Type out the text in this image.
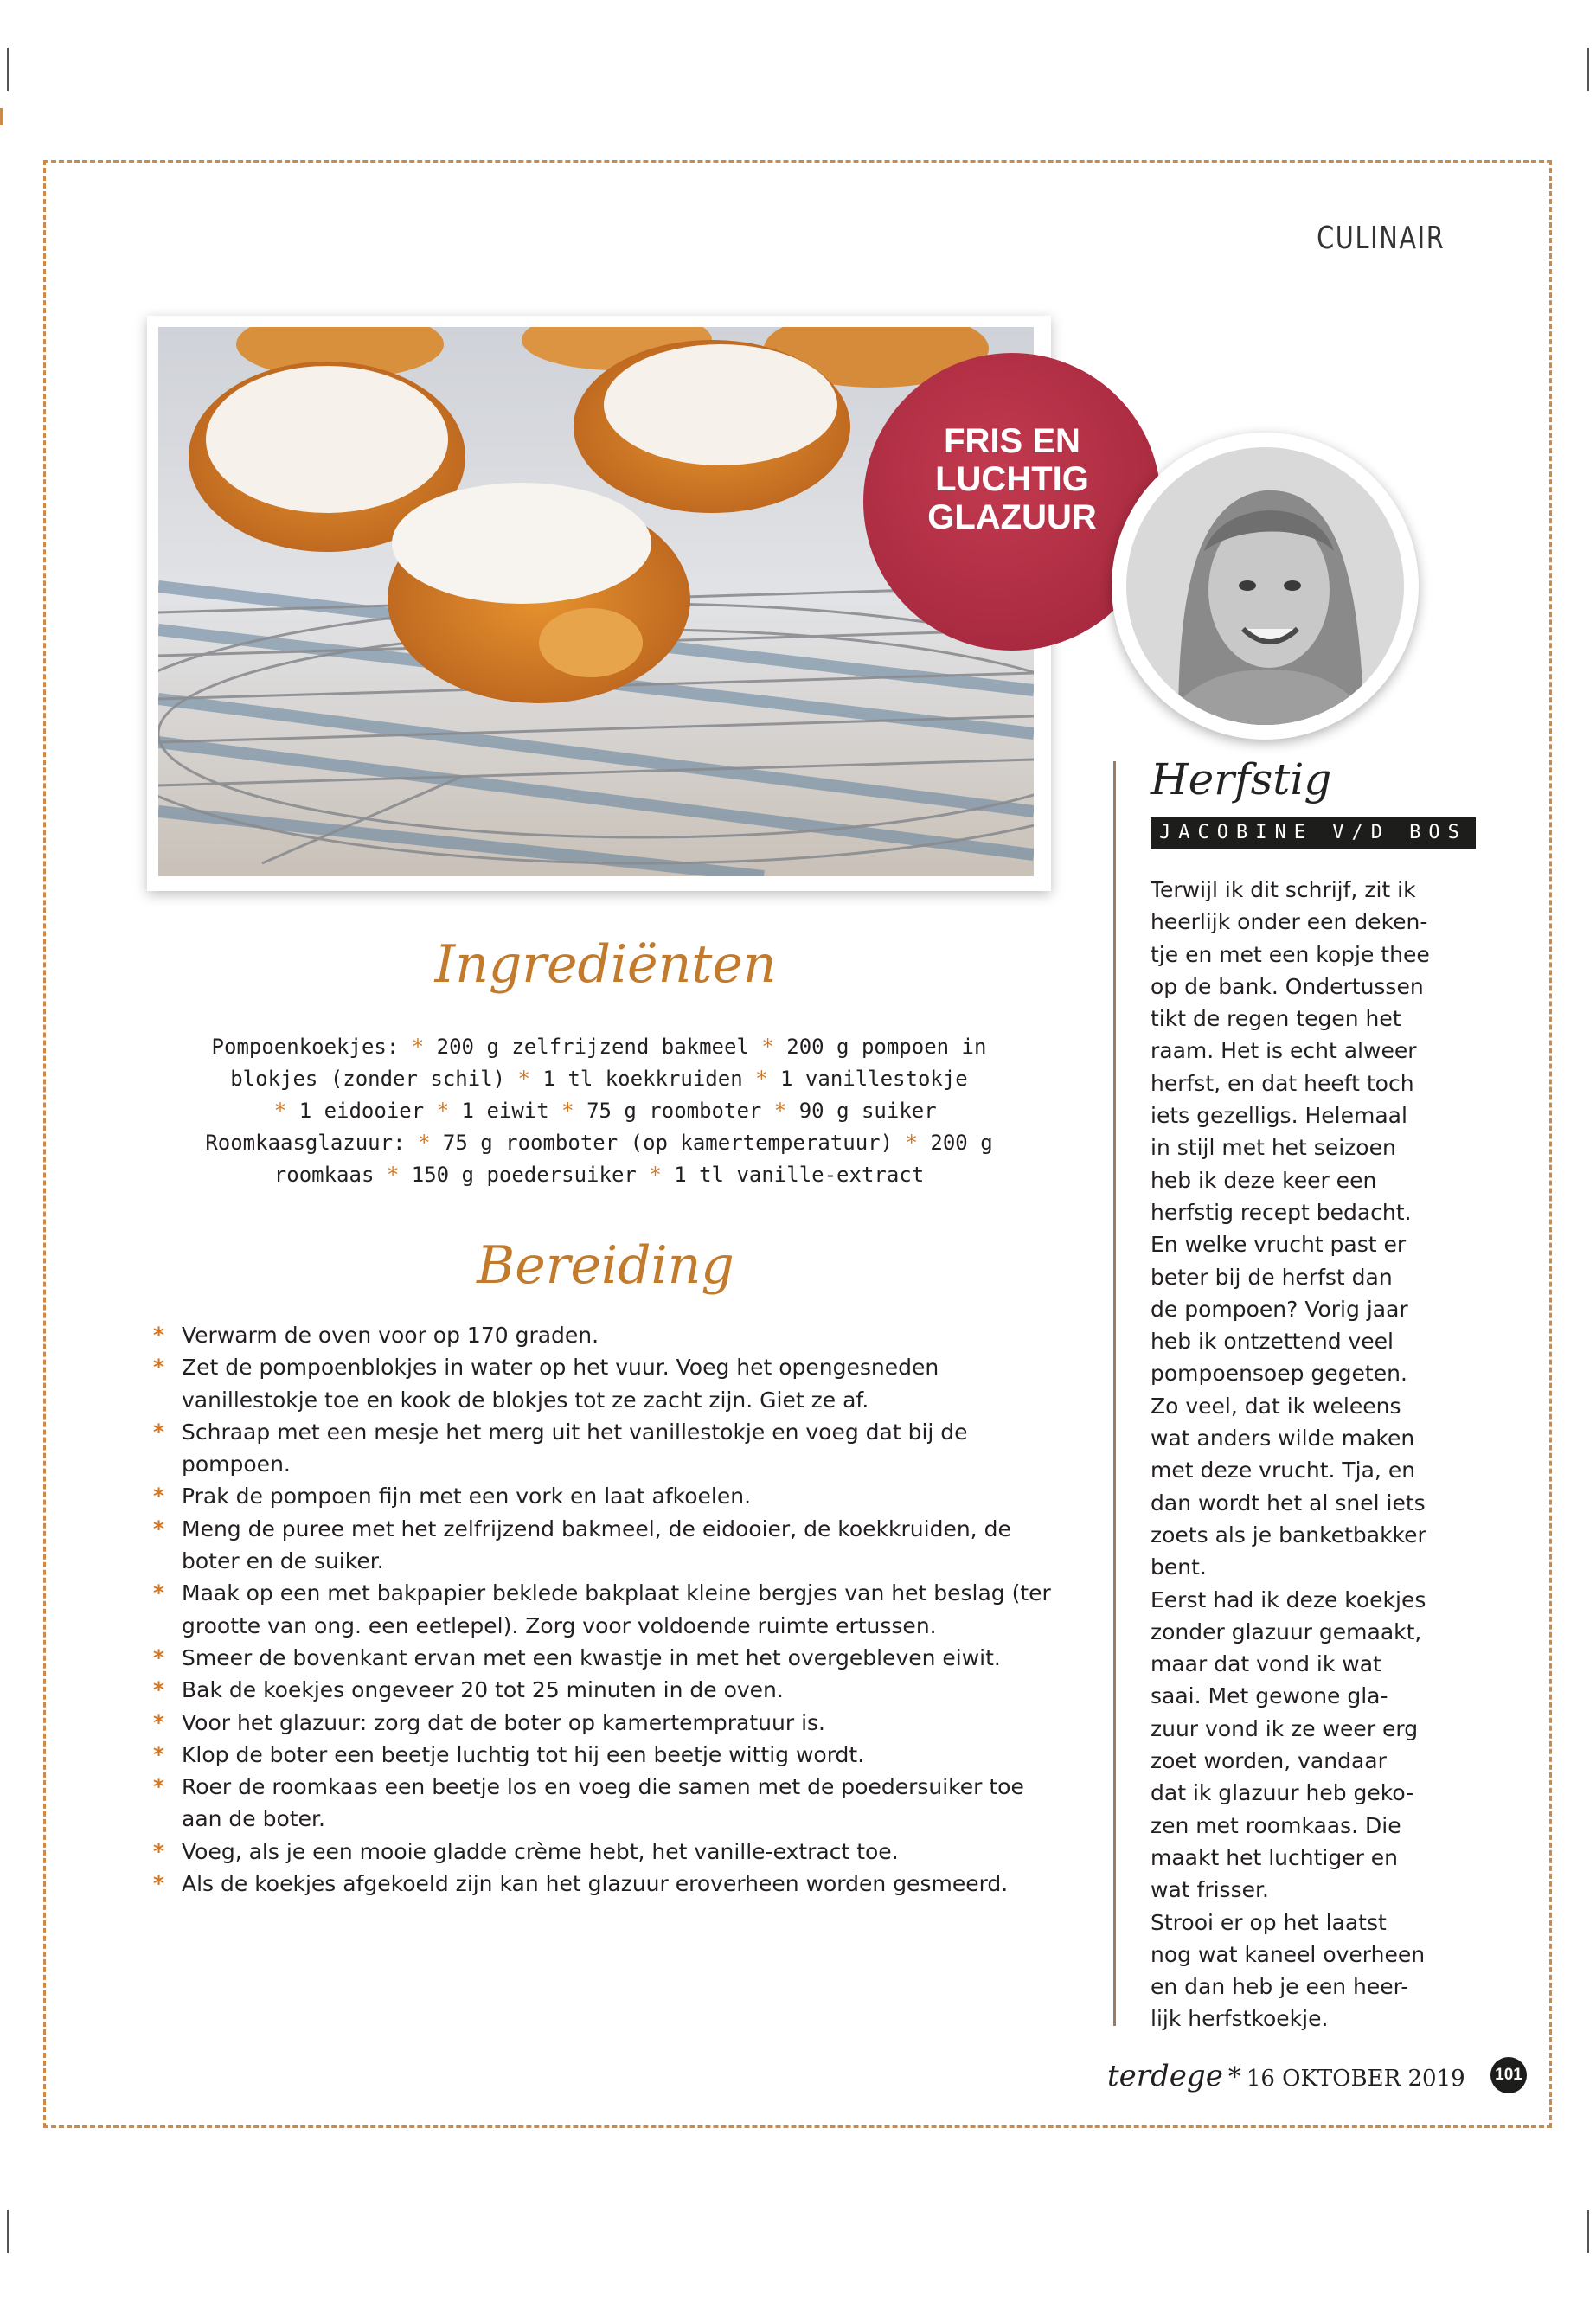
CULINAIR
FRIS EN
LUCHTIG
GLAZUUR
Herfstig
JACOBINE V/D BOS

Terwijl ik dit schrijf, zit ik

heerlijk onder een deken-

tje en met een kopje thee

op de bank. Ondertussen

tikt de regen tegen het

raam. Het is echt alweer

herfst, en dat heeft toch

iets gezelligs. Helemaal

in stijl met het seizoen

heb ik deze keer een

herfstig recept bedacht.

En welke vrucht past er

beter bij de herfst dan

de pompoen? Vorig jaar

heb ik ontzettend veel

pompoensoep gegeten.

Zo veel, dat ik weleens

wat anders wilde maken

met deze vrucht. Tja, en

dan wordt het al snel iets

zoets als je banketbakker

bent.

Eerst had ik deze koekjes

zonder glazuur gemaakt,

maar dat vond ik wat

saai. Met gewone gla-

zuur vond ik ze weer erg

zoet worden, vandaar

dat ik glazuur heb geko-

zen met roomkaas. Die

maakt het luchtiger en

wat frisser.

Strooi er op het laatst

nog wat kaneel overheen

en dan heb je een heer-

lijk herfstkoekje.

Ingrediënten
Pompoenkoekjes: * 200 g zelfrijzend bakmeel * 200 g pompoen in
blokjes (zonder schil) * 1 tl koekkruiden * 1 vanillestokje
* 1 eidooier * 1 eiwit * 75 g roomboter * 90 g suiker
Roomkaasglazuur: * 75 g roomboter (op kamertemperatuur) * 200 g
roomkaas * 150 g poedersuiker * 1 tl vanille-extract
Bereiding
* Verwarm de oven voor op 170 graden.
* Zet de pompoenblokjes in water op het vuur. Voeg het opengesneden vanillestokje toe en kook de blokjes tot ze zacht zijn. Giet ze af.
* Schraap met een mesje het merg uit het vanillestokje en voeg dat bij de pompoen.
* Prak de pompoen fijn met een vork en laat afkoelen.
* Meng de puree met het zelfrijzend bakmeel, de eidooier, de koekkruiden, de boter en de suiker.
* Maak op een met bakpapier beklede bakplaat kleine bergjes van het beslag (ter grootte van ong. een eetlepel). Zorg voor voldoende ruimte ertussen.
* Smeer de bovenkant ervan met een kwastje in met het overgebleven eiwit.
* Bak de koekjes ongeveer 20 tot 25 minuten in de oven.
* Voor het glazuur: zorg dat de boter op kamertempratuur is.
* Klop de boter een beetje luchtig tot hij een beetje wittig wordt.
* Roer de roomkaas een beetje los en voeg die samen met de poedersuiker toe aan de boter.
* Voeg, als je een mooie gladde crème hebt, het vanille-extract toe.
* Als de koekjes afgekoeld zijn kan het glazuur eroverheen worden gesmeerd.
terdege * 16 OKTOBER 2019 101
